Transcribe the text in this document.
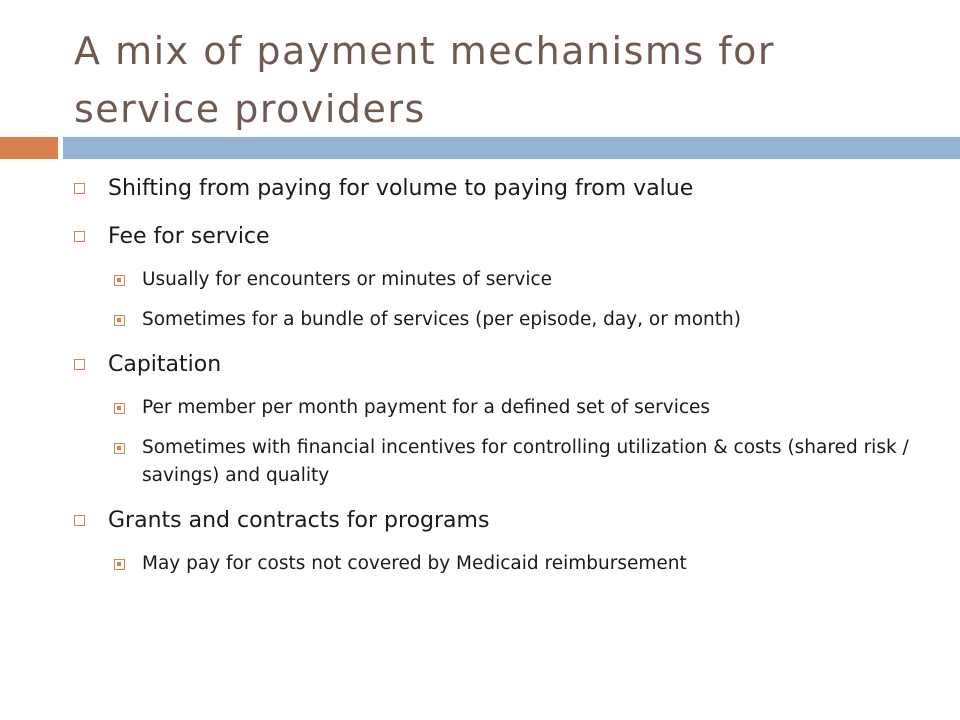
A mix of payment mechanisms for service providers
Shifting from paying for volume to paying from value
Fee for service
Usually for encounters or minutes of service
Sometimes for a bundle of services (per episode, day, or month)
Capitation
Per member per month payment for a defined set of services
Sometimes with financial incentives for controlling utilization & costs (shared risk / savings) and quality
Grants and contracts for programs
May pay for costs not covered by Medicaid reimbursement
